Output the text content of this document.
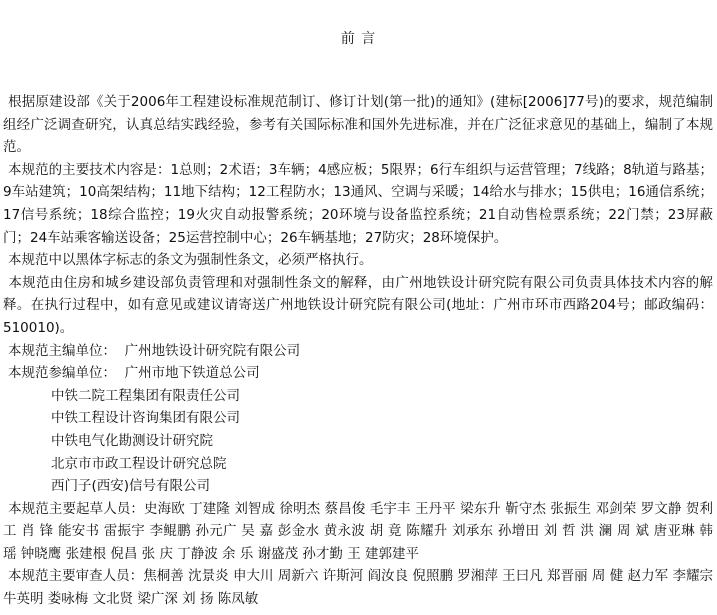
前 言

根据原建设部《关于2006年工程建设标准规范制订、修订计划(第一批)的通知》(建标[2006]77号)的要求，规范编制组经广泛调查研究，认真总结实践经验，参考有关国际标准和国外先进标准，并在广泛征求意见的基础上，编制了本规范。

本规范的主要技术内容是：1总则；2术语；3车辆；4感应板；5限界；6行车组织与运营管理；7线路；8轨道与路基；9车站建筑；10高架结构；11地下结构；12工程防水；13通风、空调与采暖；14给水与排水；15供电；16通信系统；17信号系统；18综合监控；19火灾自动报警系统；20环境与设备监控系统；21自动售检票系统；22门禁；23屏蔽门；24车站乘客输送设备；25运营控制中心；26车辆基地；27防灾；28环境保护。

本规范中以黑体字标志的条文为强制性条文，必须严格执行。

本规范由住房和城乡建设部负责管理和对强制性条文的解释，由广州地铁设计研究院有限公司负责具体技术内容的解释。在执行过程中，如有意见或建议请寄送广州地铁设计研究院有限公司(地址：广州市环市西路204号；邮政编码：510010)。

本规范主编单位： 广州地铁设计研究院有限公司

本规范参编单位： 广州市地下铁道总公司

中铁二院工程集团有限责任公司

中铁工程设计咨询集团有限公司

中铁电气化勘测设计研究院

北京市市政工程设计研究总院

西门子(西安)信号有限公司

本规范主要起草人员：史海欧 丁建隆 刘智成 徐明杰 蔡昌俊 毛宇丰 王丹平 梁东升 靳守杰 张振生 邓剑荣 罗文静 贺利工 肖 锋 能安书 雷振宇 李鲲鹏 孙元广 吴 嘉 彭金水 黄永波 胡 竟 陈耀升 刘承东 孙增田 刘 哲 洪 澜 周 斌 唐亚琳 韩 瑶 钟晓鹰 张建根 倪昌 张 庆 丁静波 余 乐 谢盛茂 孙才勤 王 建郭建平

本规范主要审查人员：焦桐善 沈景炎 申大川 周新六 许斯河 阎汝良 倪照鹏 罗湘萍 王曰凡 郑晋丽 周 健 赵力军 李耀宗 牛英明 娄咏梅 文北贤 梁广深 刘 扬 陈凤敏
